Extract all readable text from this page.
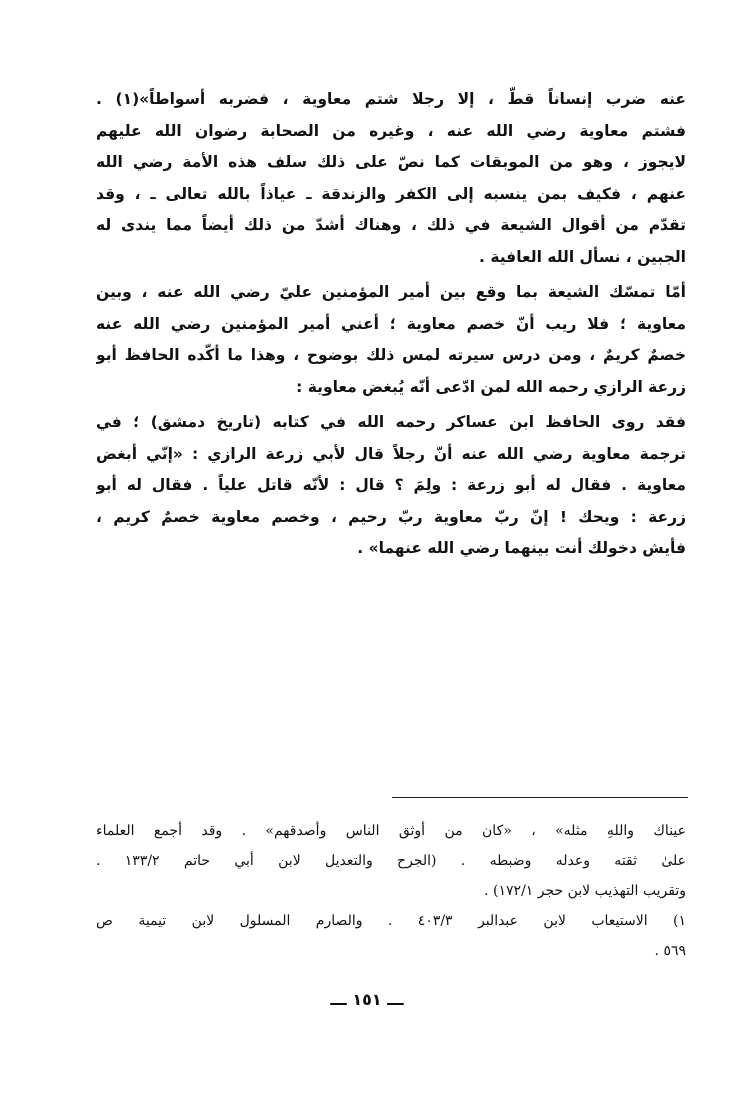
عنه ضرب إنساناً قطّ ، إلا رجلا شتم معاوية ، فضربه أسواطاً»(١) .
فشتم معاوية رضي الله عنه ، وغيره من الصحابة رضوان الله عليهم
لايجوز ، وهو من الموبقات كما نصّ على ذلك سلف هذه الأمة رضي الله
عنهم ، فكيف بمن ينسبه إلى الكفر والزندقة ـ عياذاً بالله تعالى ـ ، وقد
تقدّم من أقوال الشيعة في ذلك ، وهناك أشدّ من ذلك أيضاً مما يندى له
الجبين ، نسأل الله العافية .
أمّا تمسّك الشيعة بما وقع بين أمير المؤمنين عليّ رضي الله عنه ، وبين
معاوية ؛ فلا ريب أنّ خصم معاوية ؛ أعني أمير المؤمنين رضي الله عنه
خصمٌ كريمٌ ، ومن درس سيرته لمس ذلك بوضوح ، وهذا ما أكّده الحافظ أبو
زرعة الرازي رحمه الله لمن ادّعى أنّه يُبغض معاوية :
فقد روى الحافظ ابن عساكر رحمه الله في كتابه (تاريخ دمشق) ؛ في
ترجمة معاوية رضي الله عنه أنّ رجلاً قال لأبي زرعة الرازي : «إنّي أبغض
معاوية . فقال له أبو زرعة : ولِمَ ؟ قال : لأنّه قاتل علياً . فقال له أبو
زرعة : ويحك ! إنّ ربّ معاوية ربّ رحيم ، وخصم معاوية خصمٌ كريم ،
فأيش دخولك أنت بينهما رضي الله عنهما» .
عيناك واللهِ مثله» ، «كان من أوثق الناس وأصدقهم» . وقد أجمع العلماء
علىٰ ثقته وعدله وضبطه . (الجرح والتعديل لابن أبي حاتم ١٣٣/٢ .
وتقريب التهذيب لابن حجر ١٧٢/١) .
١) الاستيعاب لابن عبدالبر ٤٠٣/٣ . والصارم المسلول لابن تيمية ص
٥٦٩ .
ـــ ١٥١ ـــ
